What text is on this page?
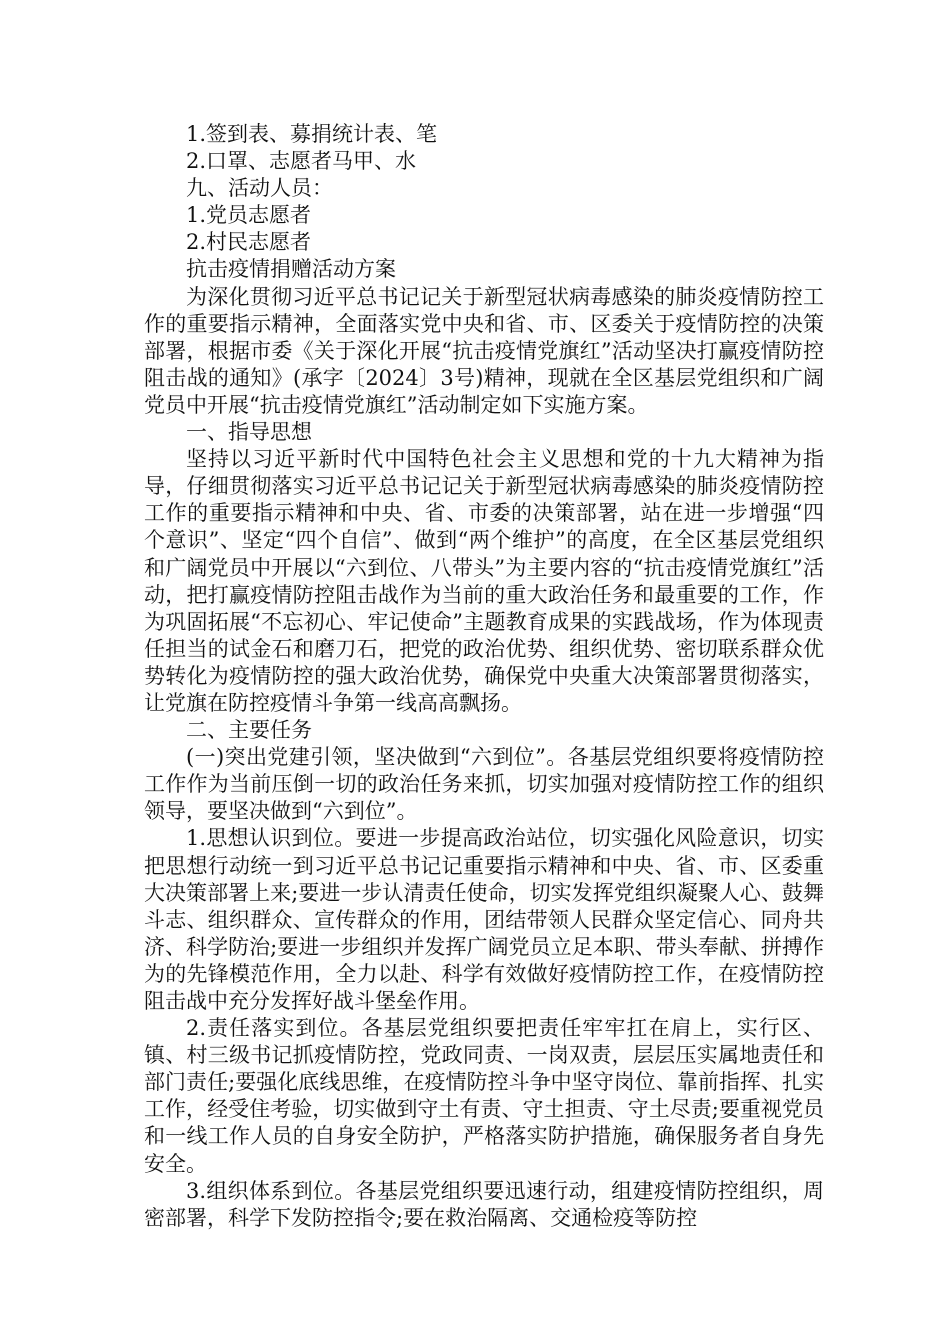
1.签到表、募捐统计表、笔

2.口罩、志愿者马甲、水

九、活动人员：

1.党员志愿者

2.村民志愿者

抗击疫情捐赠活动方案

为深化贯彻习近平总书记记关于新型冠状病毒感染的肺炎疫情防控工作的重要指示精神，全面落实党中央和省、市、区委关于疫情防控的决策部署，根据市委《关于深化开展“抗击疫情党旗红”活动坚决打赢疫情防控阻击战的通知》(承字〔2024〕3号)精神，现就在全区基层党组织和广阔党员中开展“抗击疫情党旗红”活动制定如下实施方案。

一、指导思想

坚持以习近平新时代中国特色社会主义思想和党的十九大精神为指导，仔细贯彻落实习近平总书记记关于新型冠状病毒感染的肺炎疫情防控工作的重要指示精神和中央、省、市委的决策部署，站在进一步增强“四个意识”、坚定“四个自信”、做到“两个维护”的高度，在全区基层党组织和广阔党员中开展以“六到位、八带头”为主要内容的“抗击疫情党旗红”活动，把打赢疫情防控阻击战作为当前的重大政治任务和最重要的工作，作为巩固拓展“不忘初心、牢记使命”主题教育成果的实践战场，作为体现责任担当的试金石和磨刀石，把党的政治优势、组织优势、密切联系群众优势转化为疫情防控的强大政治优势，确保党中央重大决策部署贯彻落实，让党旗在防控疫情斗争第一线高高飘扬。

二、主要任务

(一)突出党建引领，坚决做到“六到位”。各基层党组织要将疫情防控工作作为当前压倒一切的政治任务来抓，切实加强对疫情防控工作的组织领导，要坚决做到“六到位”。

1.思想认识到位。要进一步提高政治站位，切实强化风险意识，切实把思想行动统一到习近平总书记记重要指示精神和中央、省、市、区委重大决策部署上来;要进一步认清责任使命，切实发挥党组织凝聚人心、鼓舞斗志、组织群众、宣传群众的作用，团结带领人民群众坚定信心、同舟共济、科学防治;要进一步组织并发挥广阔党员立足本职、带头奉献、拼搏作为的先锋模范作用，全力以赴、科学有效做好疫情防控工作，在疫情防控阻击战中充分发挥好战斗堡垒作用。

2.责任落实到位。各基层党组织要把责任牢牢扛在肩上，实行区、镇、村三级书记抓疫情防控，党政同责、一岗双责，层层压实属地责任和部门责任;要强化底线思维，在疫情防控斗争中坚守岗位、靠前指挥、扎实工作，经受住考验，切实做到守土有责、守土担责、守土尽责;要重视党员和一线工作人员的自身安全防护，严格落实防护措施，确保服务者自身先安全。

3.组织体系到位。各基层党组织要迅速行动，组建疫情防控组织，周密部署，科学下发防控指令;要在救治隔离、交通检疫等防控
